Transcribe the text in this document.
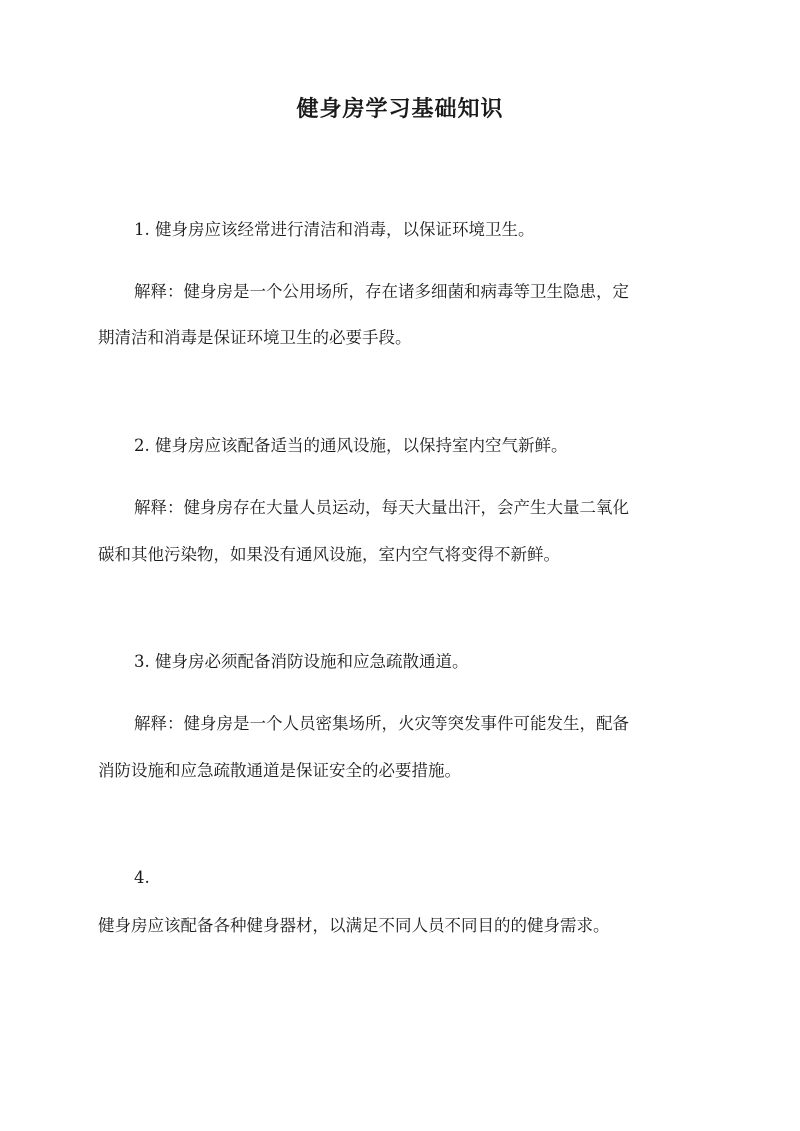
健身房学习基础知识
1. 健身房应该经常进行清洁和消毒，以保证环境卫生。
解释：健身房是一个公用场所，存在诸多细菌和病毒等卫生隐患，定
期清洁和消毒是保证环境卫生的必要手段。
2. 健身房应该配备适当的通风设施，以保持室内空气新鲜。
解释：健身房存在大量人员运动，每天大量出汗，会产生大量二氧化
碳和其他污染物，如果没有通风设施，室内空气将变得不新鲜。
3. 健身房必须配备消防设施和应急疏散通道。
解释：健身房是一个人员密集场所，火灾等突发事件可能发生，配备
消防设施和应急疏散通道是保证安全的必要措施。
4.
健身房应该配备各种健身器材，以满足不同人员不同目的的健身需求。
